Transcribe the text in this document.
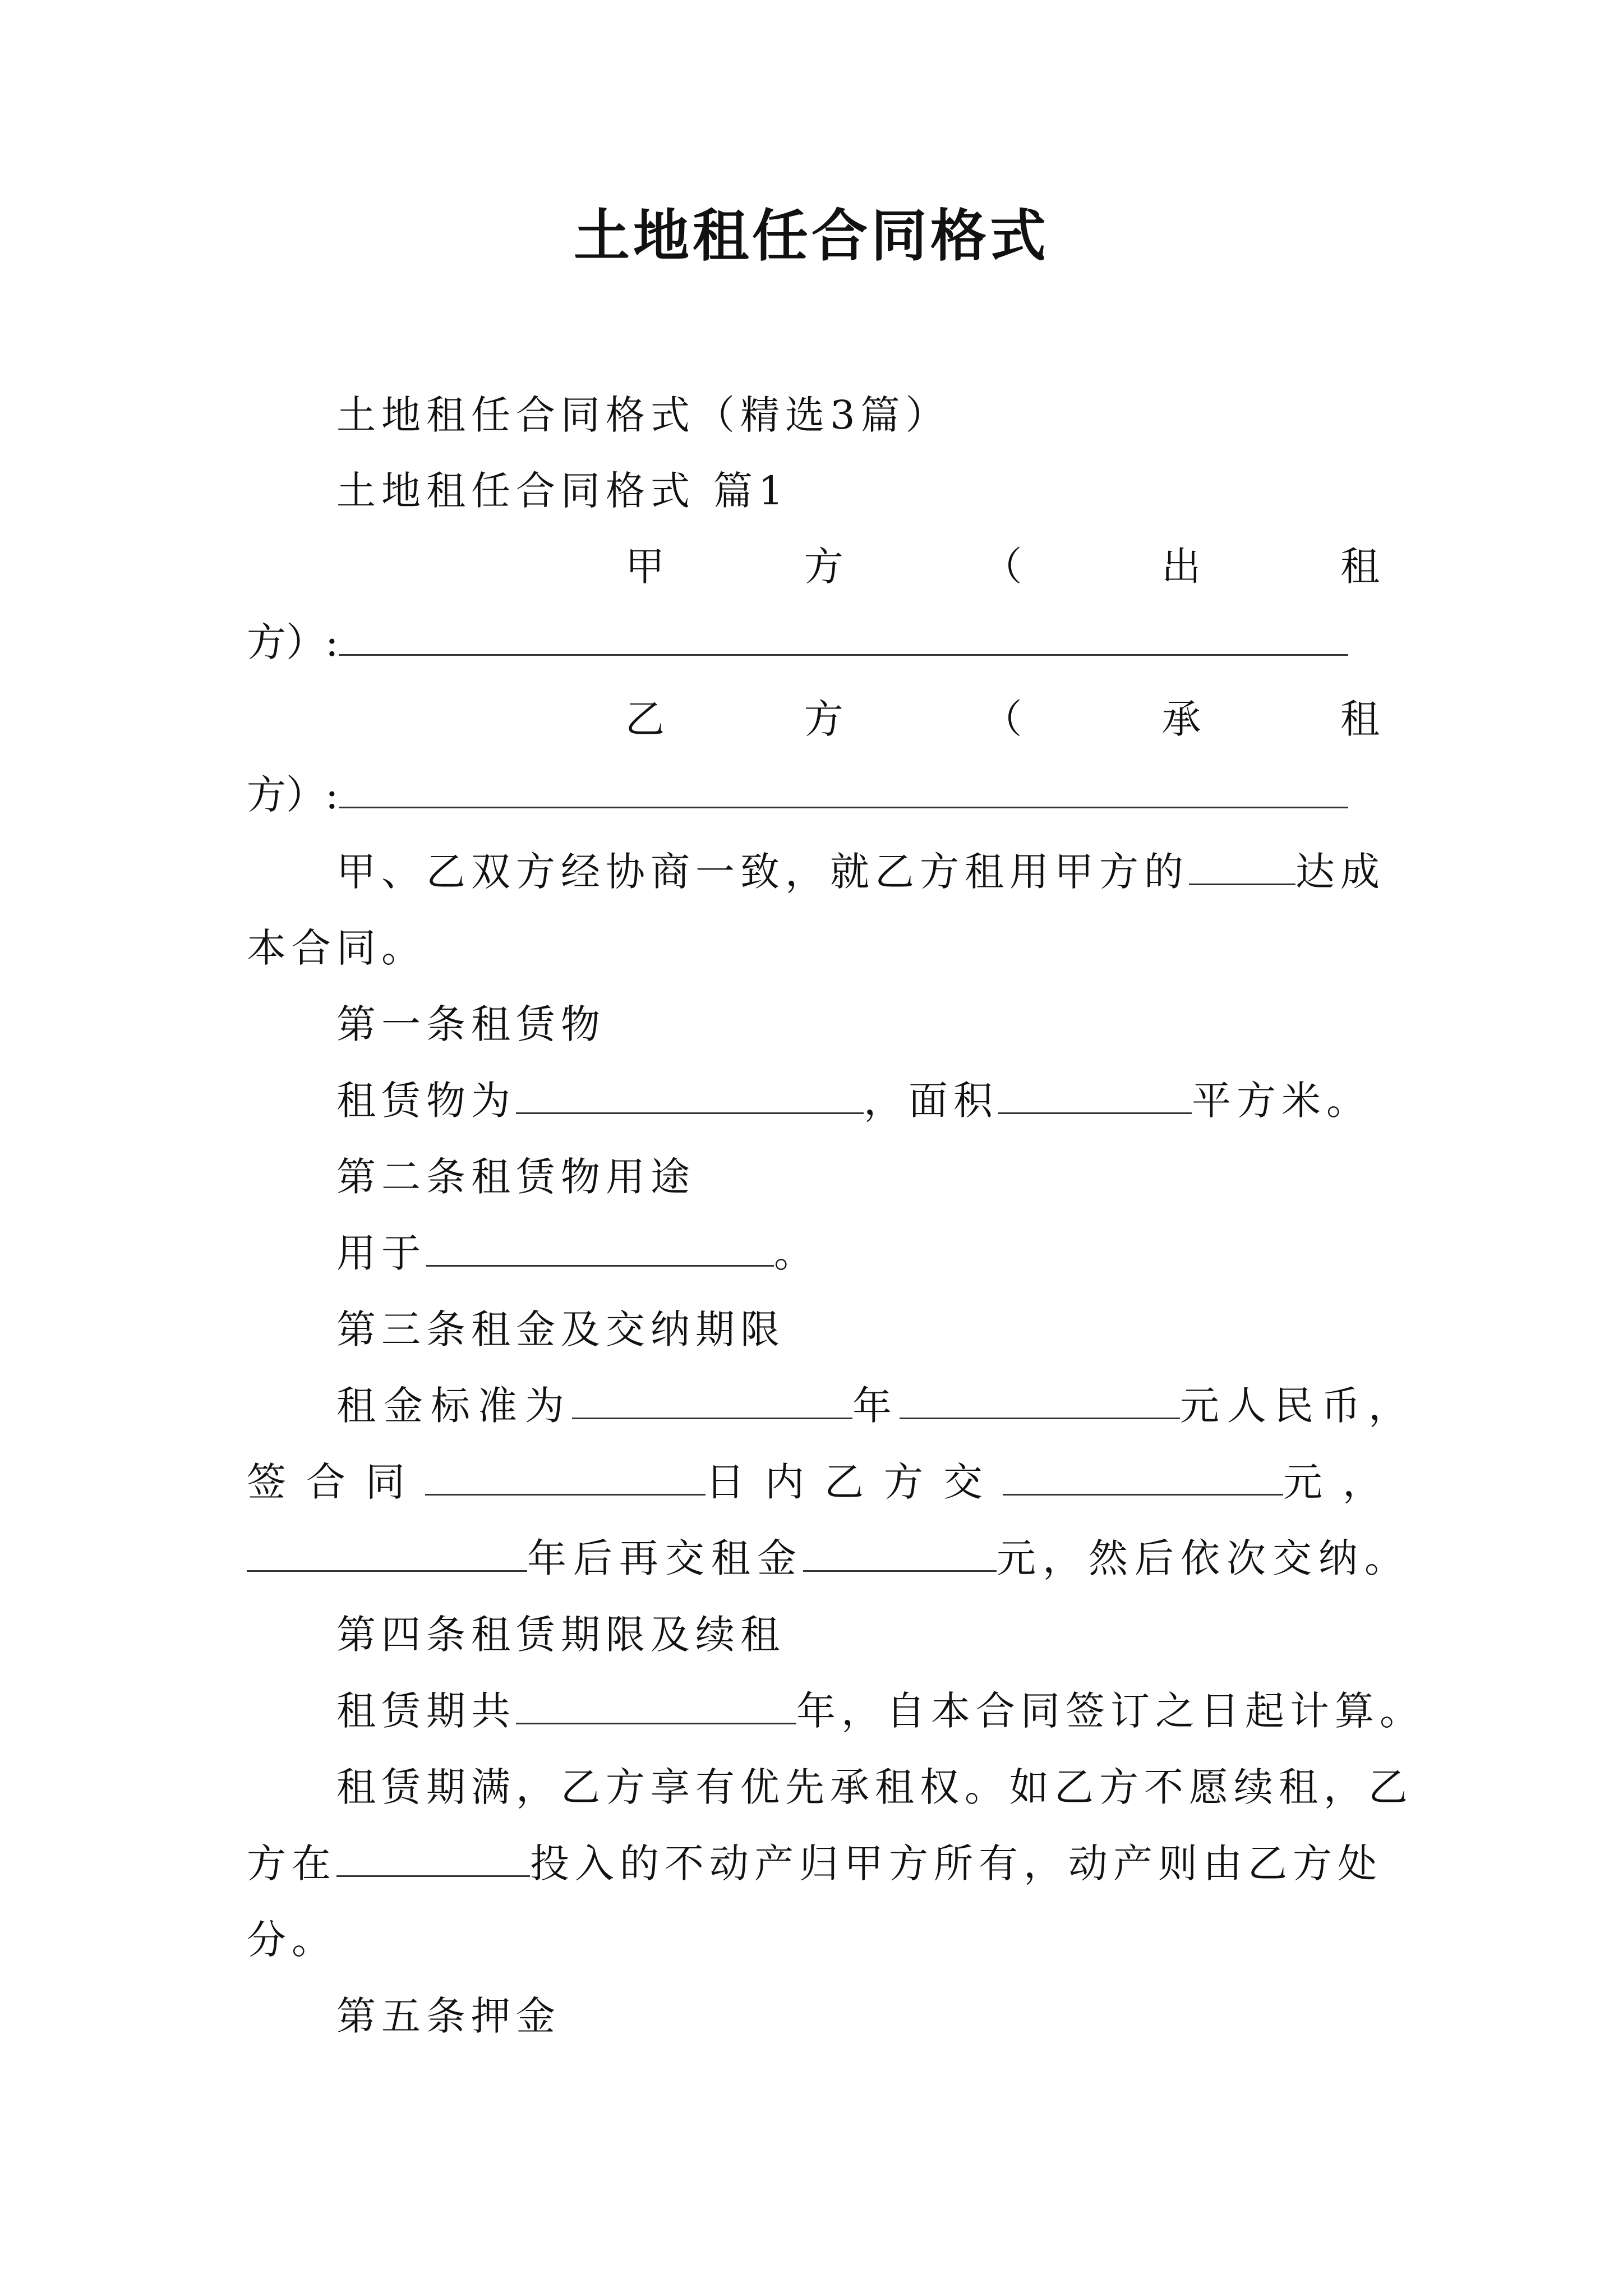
土地租任合同格式
土地租任合同格式（精选3篇）
土地租任合同格式 篇1
甲	方	（	出	租
方）:
乙	方	（	承	租
方）:
甲、乙双方经协商一致，就乙方租用甲方的	达成
本合同。
第一条租赁物
租赁物为	，面积	平方米。
第二条租赁物用途
用于	。
第三条租金及交纳期限
租金标准为	年	元人民币，
签合同	日内乙方交	元，
年后再交租金	元，然后依次交纳。
第四条租赁期限及续租
租赁期共	年，自本合同签订之日起计算。
租赁期满，乙方享有优先承租权。如乙方不愿续租，乙
方在	投入的不动产归甲方所有，动产则由乙方处
分。
第五条押金
